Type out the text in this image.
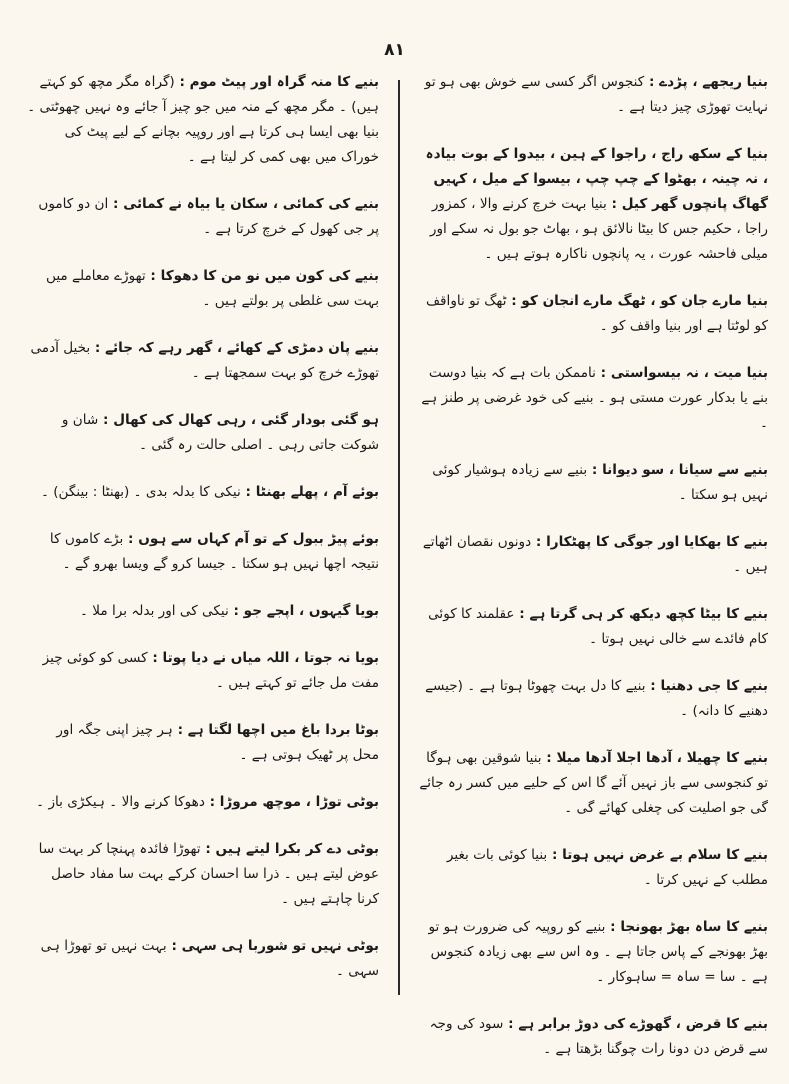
۸۱

بنیا ریجھے ، پڑدے : کنجوس اگر کسی سے خوش بھی ہو تو نہایت تھوڑی چیز دیتا ہے ۔

بنیا کے سکھ راج ، راجوا کے ہین ، بیدوا کے بوت بیادہ ، نہ چینہ ، بھٹوا کے چپ چپ ، بیسوا کے میل ، کہیں گھاگ پانچوں گھر کیل : بنیا بہت خرچ کرنے والا ، کمزور راجا ، حکیم جس کا بیٹا نالائق ہو ، بھاٹ جو بول نہ سکے اور میلی فاحشہ عورت ، یہ پانچوں ناکارہ ہوتے ہیں ۔

بنیا مارے جان کو ، ٹھگ مارے انجان کو : ٹھگ تو ناواقف کو لوٹتا ہے اور بنیا واقف کو ۔

بنیا میت ، نہ بیسواستی : ناممکن بات ہے کہ بنیا دوست بنے یا بدکار عورت مستی ہو ۔ بنیے کی خود غرضی پر طنز ہے ۔

بنیے سے سیانا ، سو دیوانا : بنیے سے زیادہ ہوشیار کوئی نہیں ہو سکتا ۔

بنیے کا بھکایا اور جوگی کا پھٹکارا : دونوں نقصان اٹھاتے ہیں ۔

بنیے کا بیٹا کچھ دیکھ کر ہی گرتا ہے : عقلمند کا کوئی کام فائدے سے خالی نہیں ہوتا ۔

بنیے کا جی دھنیا : بنیے کا دل بہت چھوٹا ہوتا ہے ۔ (جیسے دھنیے کا دانہ) ۔

بنیے کا چھیلا ، آدھا اجلا آدھا میلا : بنیا شوقین بھی ہوگا تو کنجوسی سے باز نہیں آئے گا اس کے حلیے میں کسر رہ جائے گی جو اصلیت کی چغلی کھائے گی ۔

بنیے کا سلام بے غرض نہیں ہوتا : بنیا کوئی بات بغیر مطلب کے نہیں کرتا ۔

بنیے کا ساہ بھڑ بھونجا : بنیے کو روپیہ کی ضرورت ہو تو بھڑ بھونجے کے پاس جاتا ہے ۔ وہ اس سے بھی زیادہ کنجوس ہے ۔ سا = ساہ = ساہوکار ۔

بنیے کا قرض ، گھوڑے کی دوڑ برابر ہے : سود کی وجہ سے قرض دن دونا رات چوگنا بڑھتا ہے ۔

بنیے کا منہ گراہ اور پیٹ موم : (گراہ مگر مچھ کو کہتے ہیں) ۔ مگر مچھ کے منہ میں جو چیز آ جائے وہ نہیں چھوٹتی ۔ بنیا بھی ایسا ہی کرتا ہے اور روپیہ بچانے کے لیے پیٹ کی خوراک میں بھی کمی کر لیتا ہے ۔

بنیے کی کمائی ، سکان یا بیاہ نے کمائی : ان دو کاموں پر جی کھول کے خرچ کرتا ہے ۔

بنیے کی کون میں نو من کا دھوکا : تھوڑے معاملے میں بہت سی غلطی پر بولتے ہیں ۔

بنیے پان دمڑی کے کھائے ، گھر رہے کہ جائے : بخیل آدمی تھوڑے خرچ کو بہت سمجھتا ہے ۔

ہو گئی بودار گئی ، رہی کھال کی کھال : شان و شوکت جاتی رہی ۔ اصلی حالت رہ گئی ۔

بوئے آم ، پھلے بھنٹا : نیکی کا بدلہ بدی ۔ (بھنٹا : بینگن) ۔

بوئے پیڑ ببول کے تو آم کہاں سے ہوں : بڑے کاموں کا نتیجہ اچھا نہیں ہو سکتا ۔ جیسا کرو گے ویسا بھرو گے ۔

بویا گیہوں ، اپجے جو : نیکی کی اور بدلہ برا ملا ۔

بویا نہ جوتا ، اللہ میاں نے دیا پوتا : کسی کو کوئی چیز مفت مل جائے تو کہتے ہیں ۔

بوٹا بردا باغ میں اچھا لگتا ہے : ہر چیز اپنی جگہ اور محل پر ٹھیک ہوتی ہے ۔

بوٹی توڑا ، موچھ مروڑا : دھوکا کرنے والا ۔ ہیکڑی باز ۔

بوٹی دے کر بکرا لیتے ہیں : تھوڑا فائدہ پہنچا کر بہت سا عوض لیتے ہیں ۔ ذرا سا احسان کرکے بہت سا مفاد حاصل کرنا چاہتے ہیں ۔

بوٹی نہیں تو شوربا ہی سہی : بہت نہیں تو تھوڑا ہی سہی ۔
